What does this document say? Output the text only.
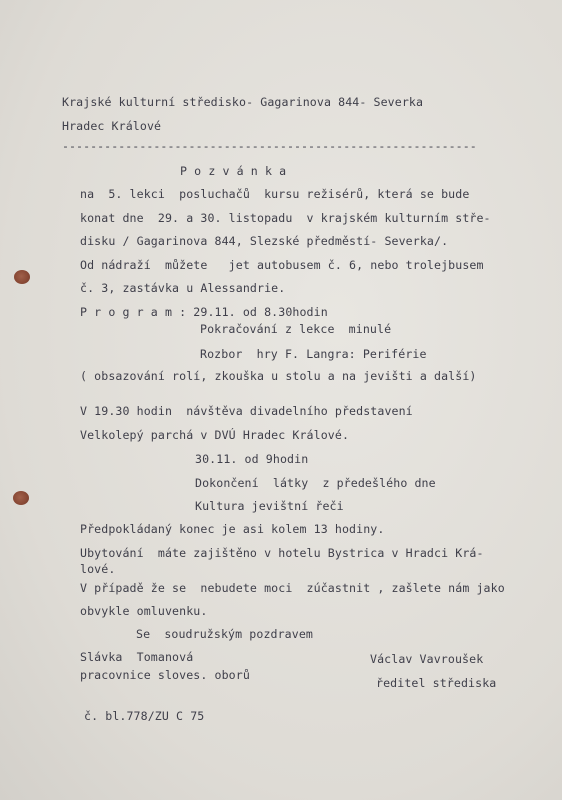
Krajské kulturní středisko- Gagarinova 844- Severka
Hradec Králové
-----------------------------------------------------------
P o z v á n k a
na  5. lekci  posluchačů  kursu režisérů, která se bude
konat dne  29. a 30. listopadu  v krajském kulturním stře-
disku / Gagarinova 844, Slezské předměstí- Severka/.
Od nádraží  můžete   jet autobusem č. 6, nebo trolejbusem
č. 3, zastávka u Alessandrie.
P r o g r a m : 29.11. od 8.30hodin
Pokračování z lekce  minulé
Rozbor  hry F. Langra: Periférie
( obsazování rolí, zkouška u stolu a na jevišti a další)
V 19.30 hodin  návštěva divadelního představení
Velkolepý parchá v DVÚ Hradec Králové.
30.11. od 9hodin
Dokončení  látky  z předešlého dne
Kultura jevištní řeči
Předpokládaný konec je asi kolem 13 hodiny.
Ubytování  máte zajištěno v hotelu Bystrica v Hradci Krá-
lové.
V případě že se  nebudete moci  zúčastnit , zašlete nám jako
obvykle omluvenku.
Se  soudružským pozdravem
Slávka  Tomanová
pracovnice sloves. oborů
Václav Vavroušek
ředitel střediska
č. bl.778/ZU C 75
